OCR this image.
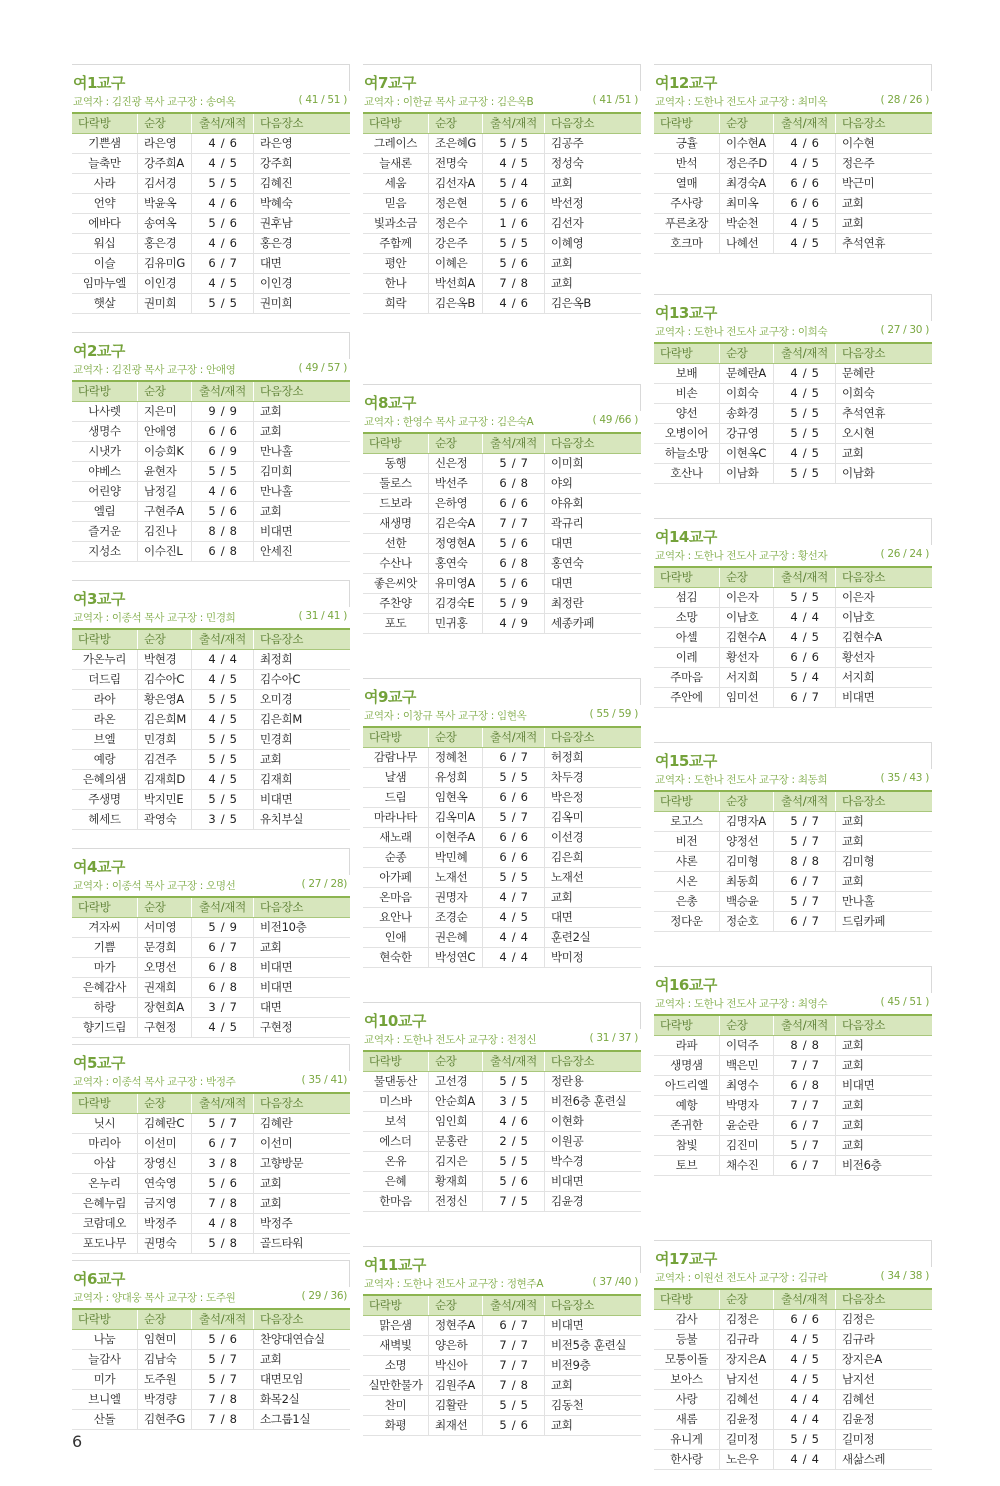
여1교구
교역자 : 김진광 목사 교구장 : 송여옥	( 41 / 51 )
다락방	순장	출석/재적	다음장소
기쁜샘	라은영	4 / 6	라은영
늘축만	강주희A	4 / 5	강주희
사라	김서경	5 / 5	김혜진
언약	박윤옥	4 / 6	박혜숙
에바다	송여옥	5 / 6	권후남
워십	홍은경	4 / 6	홍은경
이슬	김유미G	6 / 7	대면
임마누엘	이인경	4 / 5	이인경
햇살	권미희	5 / 5	권미희
여2교구
교역자 : 김진광 목사 교구장 : 안애영	( 49 / 57 )
다락방	순장	출석/재적	다음장소
나사렛	지은미	9 / 9	교회
생명수	안애영	6 / 6	교회
시냇가	이승희K	6 / 9	만나홀
야베스	윤현자	5 / 5	김미희
어린양	남정길	4 / 6	만나홀
엘림	구현주A	5 / 6	교회
즐거운	김진나	8 / 8	비대면
지성소	이수진L	6 / 8	안세진
여3교구
교역자 : 이종석 목사 교구장 : 민경희	( 31 / 41 )
다락방	순장	출석/재적	다음장소
가온누리	박현경	4 / 4	최정희
더드림	김수아C	4 / 5	김수아C
라아	황은영A	5 / 5	오미경
라온	김은희M	4 / 5	김은희M
브엘	민경희	5 / 5	민경희
예랑	김견주	5 / 5	교회
은혜의샘	김재희D	4 / 5	김재희
주생명	박지민E	5 / 5	비대면
헤세드	곽영숙	3 / 5	유치부실
여4교구
교역자 : 이종석 목사 교구장 : 오명선	( 27 / 28)
다락방	순장	출석/재적	다음장소
겨자씨	서미영	5 / 9	비전10층
기쁨	문경희	6 / 7	교회
마가	오명선	6 / 8	비대면
은혜감사	권재희	6 / 8	비대면
하랑	장현희A	3 / 7	대면
향기드림	구현정	4 / 5	구현정
여5교구
교역자 : 이종석 목사 교구장 : 박정주	( 35 / 41)
다락방	순장	출석/재적	다음장소
닛시	김혜란C	5 / 7	김혜란
마리아	이선미	6 / 7	이선미
아삽	장영신	3 / 8	고향방문
온누리	연숙영	5 / 6	교회
은혜누림	금지영	7 / 8	교회
코람데오	박정주	4 / 8	박정주
포도나무	권명숙	5 / 8	골드타워
여6교구
교역자 : 양대웅 목사 교구장 : 도주원	( 29 / 36)
다락방	순장	출석/재적	다음장소
나눔	임현미	5 / 6	찬양대연습실
늘감사	김남숙	5 / 7	교회
미가	도주원	5 / 7	대면모임
브니엘	박경량	7 / 8	화목2실
산돌	김현주G	7 / 8	소그룹1실
여7교구
교역자 : 이한균 목사 교구장 : 김은옥B	( 41 /51 )
다락방	순장	출석/재적	다음장소
그레이스	조은혜G	5 / 5	김공주
늘새론	전명숙	4 / 5	정성숙
세움	김선자A	5 / 4	교회
믿음	정은현	5 / 6	박선정
빛과소금	정은수	1 / 6	김선자
주함께	강은주	5 / 5	이혜영
평안	이혜은	5 / 6	교회
한나	박선희A	7 / 8	교회
희락	김은옥B	4 / 6	김은옥B
여8교구
교역자 : 한영수 목사 교구장 : 김은숙A	( 49 /66 )
다락방	순장	출석/재적	다음장소
동행	신은정	5 / 7	이미희
둘로스	박선주	6 / 8	야외
드보라	은하영	6 / 6	야유회
새생명	김은숙A	7 / 7	곽규리
선한	정영현A	5 / 6	대면
수산나	홍연숙	6 / 8	홍연숙
좋은씨앗	유미영A	5 / 6	대면
주찬양	김경숙E	5 / 9	최정란
포도	민귀홍	4 / 9	세종카페
여9교구
교역자 : 이창규 목사 교구장 : 임현옥	( 55 / 59 )
다락방	순장	출석/재적	다음장소
감람나무	정혜천	6 / 7	허정희
날샘	유성희	5 / 5	차두경
드림	임현옥	6 / 6	박은정
마라나타	김옥미A	5 / 7	김옥미
새노래	이현주A	6 / 6	이선경
순종	박민혜	6 / 6	김은희
아가페	노재선	5 / 5	노재선
온마음	권명자	4 / 7	교회
요안나	조경순	4 / 5	대면
인애	권은혜	4 / 4	훈련2실
현숙한	박성연C	4 / 4	박미정
여10교구
교역자 : 도한나 전도사 교구장 : 전정신	( 31 / 37 )
다락방	순장	출석/재적	다음장소
물댄동산	고선경	5 / 5	정란용
미스바	안순희A	3 / 5	비전6층 훈련실
보석	임인희	4 / 6	이현화
에스더	문홍란	2 / 5	이원공
온유	김지은	5 / 5	박수경
은혜	황재희	5 / 6	비대면
한마음	전정신	7 / 5	김윤경
여11교구
교역자 : 도한나 전도사 교구장 : 정현주A	( 37 /40 )
다락방	순장	출석/재적	다음장소
맑은샘	정현주A	6 / 7	비대면
새벽빛	양은하	7 / 7	비전5층 훈련실
소명	박신아	7 / 7	비전9층
실만한물가	김원주A	7 / 8	교회
찬미	김활란	5 / 5	김동천
화평	최재선	5 / 6	교회
여12교구
교역자 : 도한나 전도사 교구장 : 최미옥	( 28 / 26 )
다락방	순장	출석/재적	다음장소
긍휼	이수현A	4 / 6	이수현
반석	정은주D	4 / 5	정은주
열매	최경숙A	6 / 6	박근미
주사랑	최미옥	6 / 6	교회
푸른초장	박순천	4 / 5	교회
호크마	나혜선	4 / 5	추석연휴
여13교구
교역자 : 도한나 전도사 교구장 : 이희숙	( 27 / 30 )
다락방	순장	출석/재적	다음장소
보배	문혜란A	4 / 5	문혜란
비손	이희숙	4 / 5	이희숙
양선	송화경	5 / 5	추석연휴
오병이어	강규영	5 / 5	오시현
하늘소망	이현옥C	4 / 5	교회
호산나	이남화	5 / 5	이남화
여14교구
교역자 : 도한나 전도사 교구장 : 황선자	( 26 / 24 )
다락방	순장	출석/재적	다음장소
섬김	이은자	5 / 5	이은자
소망	이남호	4 / 4	이남호
아셀	김현수A	4 / 5	김현수A
이레	황선자	6 / 6	황선자
주마음	서지희	5 / 4	서지희
주안에	임미선	6 / 7	비대면
여15교구
교역자 : 도한나 전도사 교구장 : 최동희	( 35 / 43 )
다락방	순장	출석/재적	다음장소
로고스	김명자A	5 / 7	교회
비전	양정선	5 / 7	교회
샤론	김미형	8 / 8	김미형
시온	최동희	6 / 7	교회
은총	백승윤	5 / 7	만나홀
정다운	정순호	6 / 7	드림카페
여16교구
교역자 : 도한나 전도사 교구장 : 최영수	( 45 / 51 )
다락방	순장	출석/재적	다음장소
라파	이덕주	8 / 8	교회
생명샘	백은민	7 / 7	교회
아드리엘	최영수	6 / 8	비대면
예항	박명자	7 / 7	교회
존귀한	윤순란	6 / 7	교회
참빛	김진미	5 / 7	교회
토브	채수진	6 / 7	비전6층
여17교구
교역자 : 이원선 전도사 교구장 : 김규라	( 34 / 38 )
다락방	순장	출석/재적	다음장소
감사	김정은	6 / 6	김정은
등불	김규라	4 / 5	김규라
모퉁이돌	장지은A	4 / 5	장지은A
보아스	남지선	4 / 5	남지선
사랑	김혜선	4 / 4	김혜선
새롬	김윤정	4 / 4	김윤정
유니게	길미정	5 / 5	길미정
한사랑	노은우	4 / 4	새삶스레
6
